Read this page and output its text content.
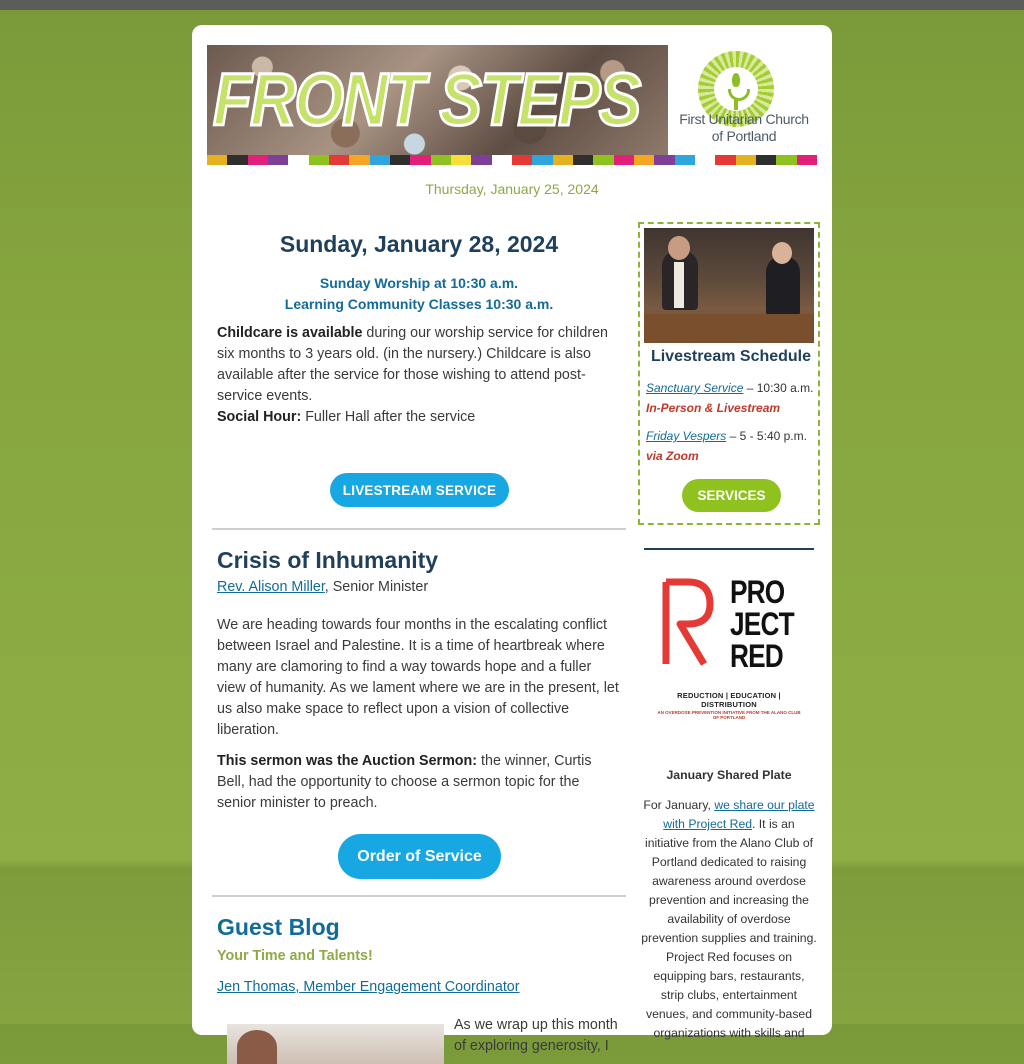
FRONT STEPS	First Unitarian Church of Portland
Thursday, January 25, 2024
Sunday, January 28, 2024
Sunday Worship at 10:30 a.m.
Learning Community Classes 10:30 a.m.
Childcare is available during our worship service for children six months to 3 years old. (in the nursery.) Childcare is also available after the service for those wishing to attend post-service events.
Social Hour: Fuller Hall after the service
LIVESTREAM SERVICE
Crisis of Inhumanity
Rev. Alison Miller, Senior Minister
We are heading towards four months in the escalating conflict between Israel and Palestine. It is a time of heartbreak where many are clamoring to find a way towards hope and a fuller view of humanity. As we lament where we are in the present, let us also make space to reflect upon a vision of collective liberation.
This sermon was the Auction Sermon: the winner, Curtis Bell, had the opportunity to choose a sermon topic for the senior minister to preach.
Order of Service
Guest Blog
Your Time and Talents!
Jen Thomas, Member Engagement Coordinator
As we wrap up this month of exploring generosity, I
Livestream Schedule
Sanctuary Service – 10:30 a.m.
In-Person & Livestream
Friday Vespers – 5 - 5:40 p.m.
via Zoom
SERVICES
PRO
JECT
RED
REDUCTION | EDUCATION | DISTRIBUTION
AN OVERDOSE PREVENTION INITIATIVE FROM THE ALANO CLUB OF PORTLAND
January Shared Plate
For January, we share our plate with Project Red. It is an initiative from the Alano Club of Portland dedicated to raising awareness around overdose prevention and increasing the availability of overdose prevention supplies and training. Project Red focuses on equipping bars, restaurants, strip clubs, entertainment venues, and community-based organizations with skills and
